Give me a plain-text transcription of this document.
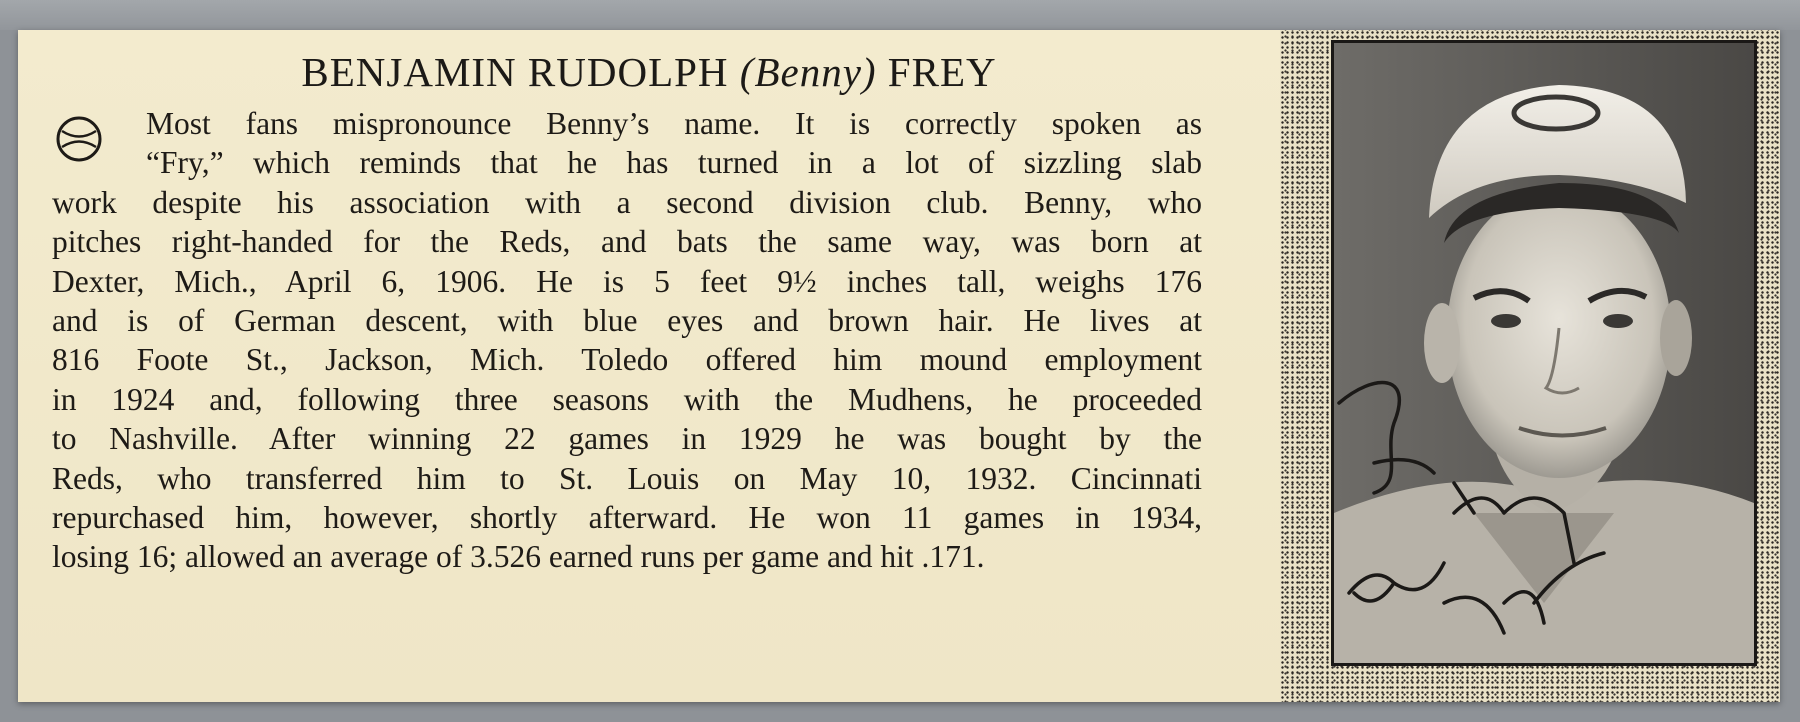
BENJAMIN RUDOLPH (Benny) FREY
Most fans mispronounce Benny’s name. It is correctly spoken as
“Fry,” which reminds that he has turned in a lot of sizzling slab
work despite his association with a second division club. Benny, who
pitches right-handed for the Reds, and bats the same way, was born at
Dexter, Mich., April 6, 1906. He is 5 feet 9½ inches tall, weighs 176
and is of German descent, with blue eyes and brown hair. He lives at
816 Foote St., Jackson, Mich. Toledo offered him mound employment
in 1924 and, following three seasons with the Mudhens, he proceeded
to Nashville. After winning 22 games in 1929 he was bought by the
Reds, who transferred him to St. Louis on May 10, 1932. Cincinnati
repurchased him, however, shortly afterward. He won 11 games in 1934,
losing 16; allowed an average of 3.526 earned runs per game and hit .171.
